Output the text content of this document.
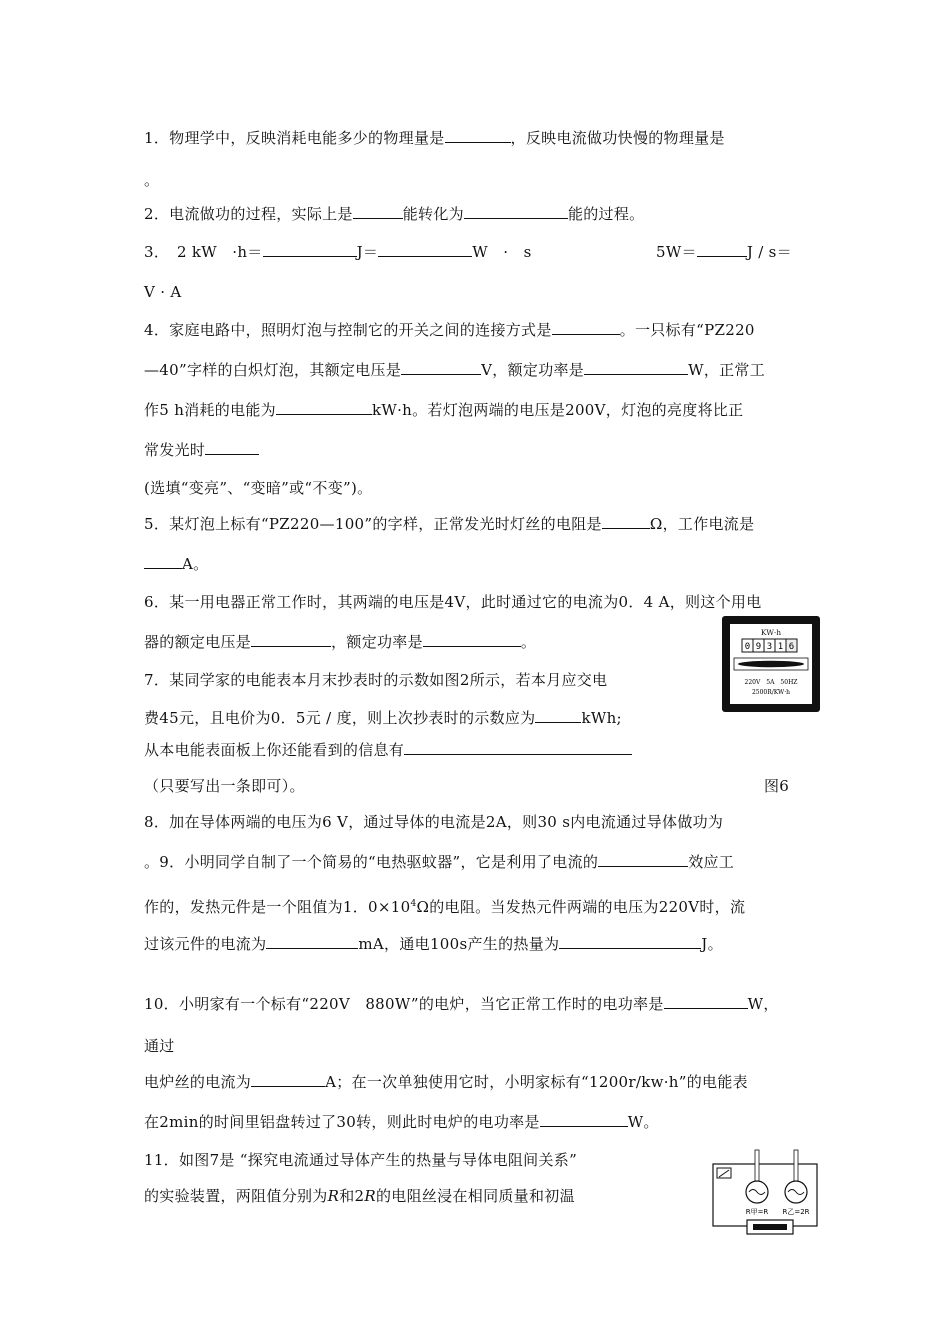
1．物理学中，反映消耗电能多少的物理量是	，反映电流做功快慢的物理量是
。
2．电流做功的过程，实际上是	能转化为	能的过程。
3．　2 kW　·h＝	J＝	W　·　s	5W＝	J / s＝
V · A
4．家庭电路中，照明灯泡与控制它的开关之间的连接方式是	。一只标有“PZ220
—40”字样的白炽灯泡，其额定电压是	V，额定功率是	W，正常工
作5 h消耗的电能为	kW·h。若灯泡两端的电压是200V，灯泡的亮度将比正
常发光时
(选填“变亮”、“变暗”或“不变”)。
5．某灯泡上标有“PZ220—100”的字样，正常发光时灯丝的电阻是	Ω，工作电流是
A。
6．某一用电器正常工作时，其两端的电压是4V，此时通过它的电流为0．4 A，则这个用电
器的额定电压是	，额定功率是	。
KW·h
0 9 3 1 6
220V　5A　50HZ
2500R/KW·h
7．某同学家的电能表本月末抄表时的示数如图2所示，若本月应交电
费45元，且电价为0．5元 / 度，则上次抄表时的示数应为	kWh;
从本电能表面板上你还能看到的信息有
（只要写出一条即可）。	图6
8．加在导体两端的电压为6 V，通过导体的电流是2A，则30 s内电流通过导体做功为
。9．小明同学自制了一个简易的“电热驱蚊器”，它是利用了电流的	效应工
作的，发热元件是一个阻值为1．$0\times 10^4\Omega$的电阻。当发热元件两端的电压为220V时，流
过该元件的电流为	mA，通电100s产生的热量为	J。
10．小明家有一个标有“220V　880W”的电炉，当它正常工作时的电功率是	W，
通过
电炉丝的电流为	A；在一次单独使用它时，小明家标有“1200r/kw·h”的电能表
在2min的时间里铝盘转过了30转，则此时电炉的电功率是	W。
11．如图7是 “探究电流通过导体产生的热量与导体电阻间关系”
的实验装置，两阻值分别为R和2R的电阻丝浸在相同质量和初温
R甲=R R乙=2R
